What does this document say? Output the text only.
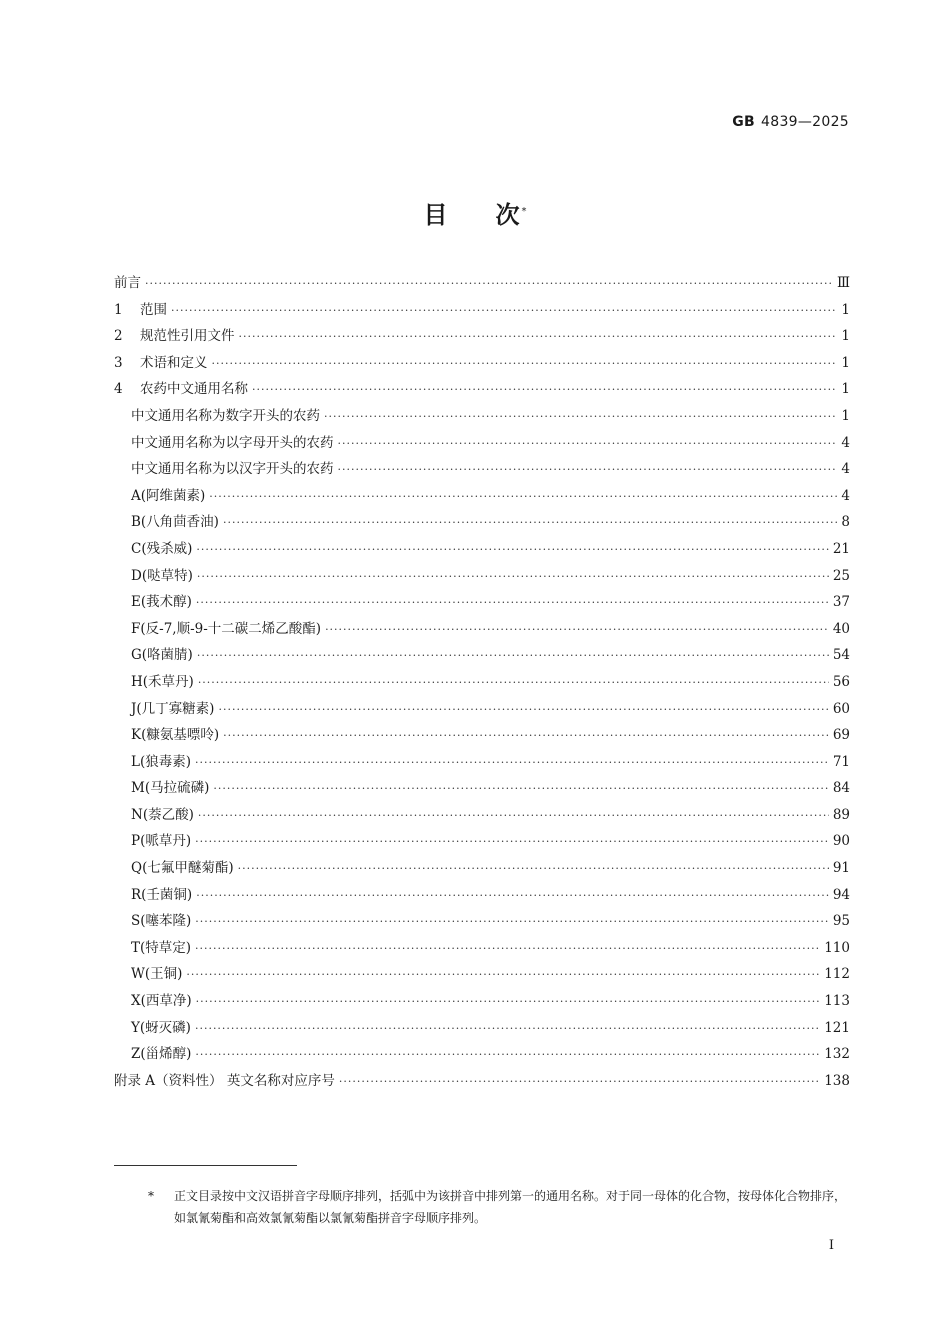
GB 4839—2025
目 次 *
前言 ·····	Ⅲ
1 范围 ·····	1
2 规范性引用文件 ·····	1
3 术语和定义 ·····	1
4 农药中文通用名称 ·····	1
中文通用名称为数字开头的农药 ·····	1
中文通用名称为以字母开头的农药 ·····	4
中文通用名称为以汉字开头的农药 ·····	4
A(阿维菌素) ·····	4
B(八角茴香油) ·····	8
C(残杀威) ·····	21
D(哒草特) ·····	25
E(莪术醇) ·····	37
F(反-7,顺-9-十二碳二烯乙酸酯) ·····	40
G(咯菌腈) ·····	54
H(禾草丹) ·····	56
J(几丁寡糖素) ·····	60
K(糠氨基嘌呤) ·····	69
L(狼毒素) ·····	71
M(马拉硫磷) ·····	84
N(萘乙酸) ·····	89
P(哌草丹) ·····	90
Q(七氟甲醚菊酯) ·····	91
R(壬菌铜) ·····	94
S(噻苯隆) ·····	95
T(特草定) ·····	110
W(王铜) ·····	112
X(西草净) ·····	113
Y(蚜灭磷) ·····	121
Z(甾烯醇) ·····	132
附录 A（资料性） 英文名称对应序号 ·····	138
*	正文目录按中文汉语拼音字母顺序排列，括弧中为该拼音中排列第一的通用名称。对于同一母体的化合物，按母体化合物排序，如氯氰菊酯和高效氯氰菊酯以氯氰菊酯拼音字母顺序排列。
I
